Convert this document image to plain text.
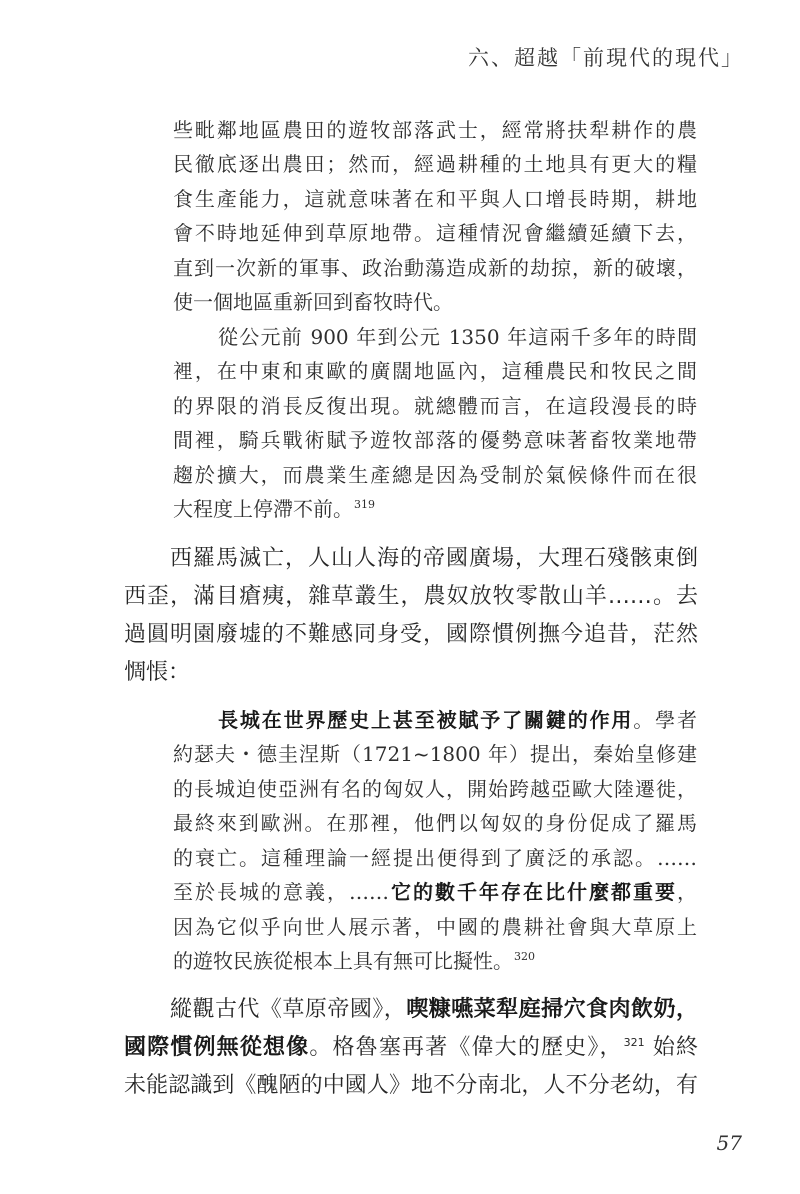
六、超越「前現代的現代」
些毗鄰地區農田的遊牧部落武士，經常將扶犁耕作的農
民徹底逐出農田；然而，經過耕種的土地具有更大的糧
食生產能力，這就意味著在和平與人口增長時期，耕地
會不時地延伸到草原地帶。這種情況會繼續延續下去，
直到一次新的軍事、政治動蕩造成新的劫掠，新的破壞，
使一個地區重新回到畜牧時代。
從公元前 900 年到公元 1350 年這兩千多年的時間
裡，在中東和東歐的廣闊地區內，這種農民和牧民之間
的界限的消長反復出現。就總體而言，在這段漫長的時
間裡，騎兵戰術賦予遊牧部落的優勢意味著畜牧業地帶
趨於擴大，而農業生產總是因為受制於氣候條件而在很
大程度上停滯不前。$^{319}$
西羅馬滅亡，人山人海的帝國廣場，大理石殘骸東倒
西歪，滿目瘡痍，雜草叢生，農奴放牧零散山羊……。去
過圓明園廢墟的不難感同身受，國際慣例撫今追昔，茫然
惆悵：
長城在世界歷史上甚至被賦予了關鍵的作用。學者
約瑟夫・德圭涅斯（1721~1800 年）提出，秦始皇修建
的長城迫使亞洲有名的匈奴人，開始跨越亞歐大陸遷徙，
最終來到歐洲。在那裡，他們以匈奴的身份促成了羅馬
的衰亡。這種理論一經提出便得到了廣泛的承認。……
至於長城的意義，……它的數千年存在比什麼都重要，
因為它似乎向世人展示著，中國的農耕社會與大草原上
的遊牧民族從根本上具有無可比擬性。$^{320}$
縱觀古代《草原帝國》，喫糠嚥菜犁庭掃穴食肉飲奶，
國際慣例無從想像。格魯塞再著《偉大的歷史》，$^{321}$ 始終
未能認識到《醜陋的中國人》地不分南北，人不分老幼，有
57
